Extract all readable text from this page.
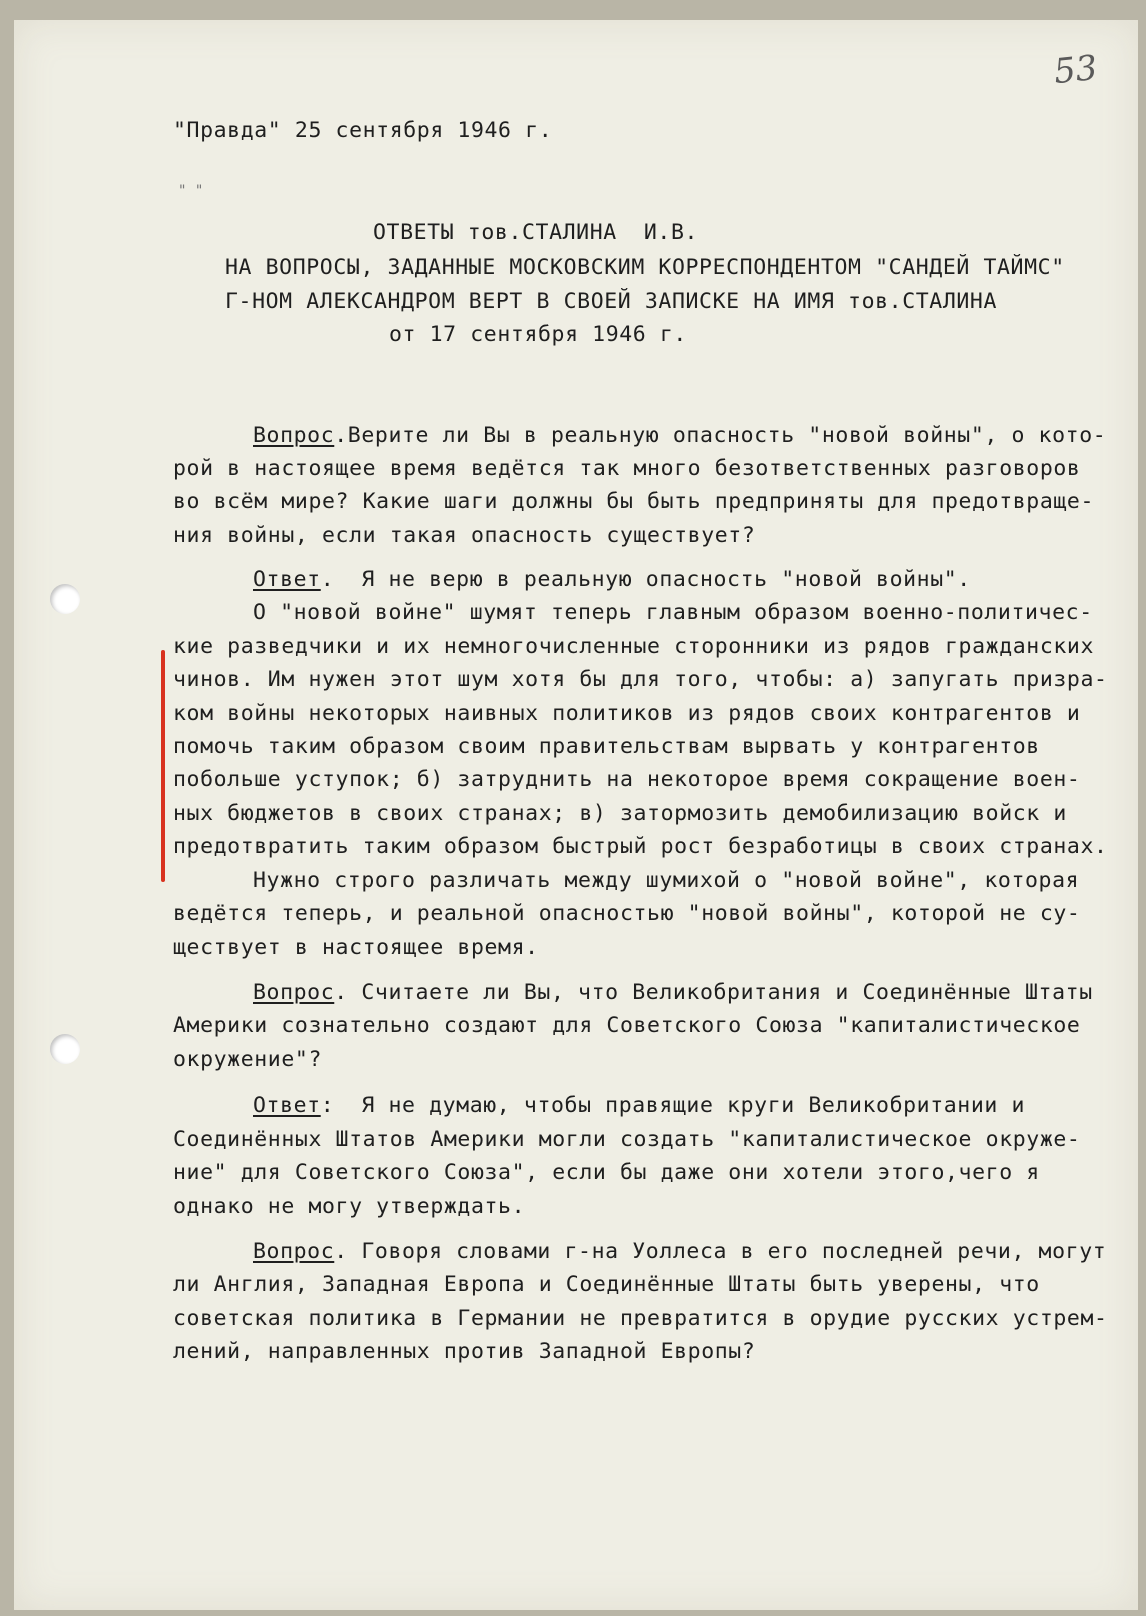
53
" "
"Правда" 25 сентября 1946 г.
ОТВЕТЫ тов.СТАЛИНА  И.В.
НА ВОПРОСЫ, ЗАДАННЫЕ МОСКОВСКИМ КОРРЕСПОНДЕНТОМ "САНДЕЙ ТАЙМС"
Г-НОМ АЛЕКСАНДРОМ ВЕРТ В СВОЕЙ ЗАПИСКЕ НА ИМЯ тов.СТАЛИНА
от 17 сентября 1946 г.
Вопрос.Верите ли Вы в реальную опасность "новой войны", о кото-
рой в настоящее время ведётся так много безответственных разговоров
во всём мире? Какие шаги должны бы быть предприняты для предотвраще-
ния войны, если такая опасность существует?
Ответ.  Я не верю в реальную опасность "новой войны".
О "новой войне" шумят теперь главным образом военно-политичес-
кие разведчики и их немногочисленные сторонники из рядов гражданских
чинов. Им нужен этот шум хотя бы для того, чтобы: а) запугать призра-
ком войны некоторых наивных политиков из рядов своих контрагентов и
помочь таким образом своим правительствам вырвать у контрагентов
побольше уступок; б) затруднить на некоторое время сокращение воен-
ных бюджетов в своих странах; в) затормозить демобилизацию войск и
предотвратить таким образом быстрый рост безработицы в своих странах.
Нужно строго различать между шумихой о "новой войне", которая
ведётся теперь, и реальной опасностью "новой войны", которой не су-
ществует в настоящее время.
Вопрос. Считаете ли Вы, что Великобритания и Соединённые Штаты
Америки сознательно создают для Советского Союза "капиталистическое
окружение"?
Ответ:  Я не думаю, чтобы правящие круги Великобритании и
Соединённых Штатов Америки могли создать "капиталистическое окруже-
ние" для Советского Союза", если бы даже они хотели этого,чего я
однако не могу утверждать.
Вопрос. Говоря словами г-на Уоллеса в его последней речи, могут
ли Англия, Западная Европа и Соединённые Штаты быть уверены, что
советская политика в Германии не превратится в орудие русских устрем-
лений, направленных против Западной Европы?
